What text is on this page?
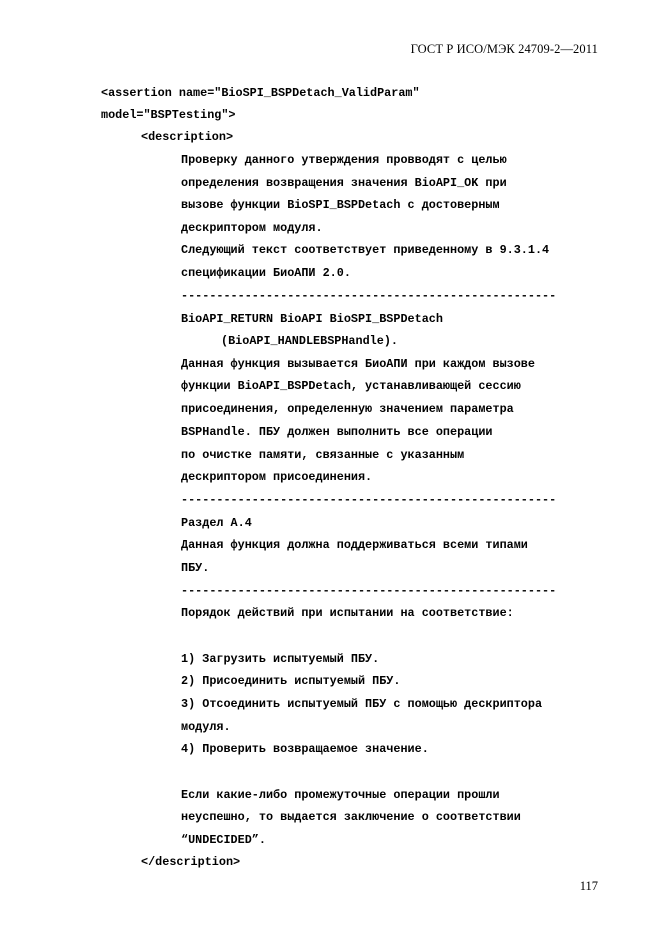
ГОСТ Р ИСО/МЭК 24709-2—2011

<assertion name="BioSPI_BSPDetach_ValidParam"

model="BSPTesting">

<description>

Проверку данного утверждения провводят с целью

определения возвращения значения BioAPI_OK при

вызове функции BioSPI_BSPDetach с достоверным

дескриптором модуля.

Следующий текст соответствует приведенному в 9.3.1.4

спецификации БиоАПИ 2.0.

-----------------------------------------------------

BioAPI_RETURN BioAPI BioSPI_BSPDetach

(BioAPI_HANDLEBSPHandle).

Данная функция вызывается БиоАПИ при каждом вызове

функции BioAPI_BSPDetach, устанавливающей сессию

присоединения, определенную значением параметра

BSPHandle. ПБУ должен выполнить все операции

по очистке памяти, связанные с указанным

дескриптором присоединения.

-----------------------------------------------------

Раздел А.4

Данная функция должна поддерживаться всеми типами

ПБУ.

-----------------------------------------------------

Порядок действий при испытании на соответствие:

1) Загрузить испытуемый ПБУ.

2) Присоединить испытуемый ПБУ.

3) Отсоединить испытуемый ПБУ с помощью дескриптора

модуля.

4) Проверить возвращаемое значение.

Если какие-либо промежуточные операции прошли

неуспешно, то выдается заключение о соответствии

“UNDECIDED”.

</description>

117
